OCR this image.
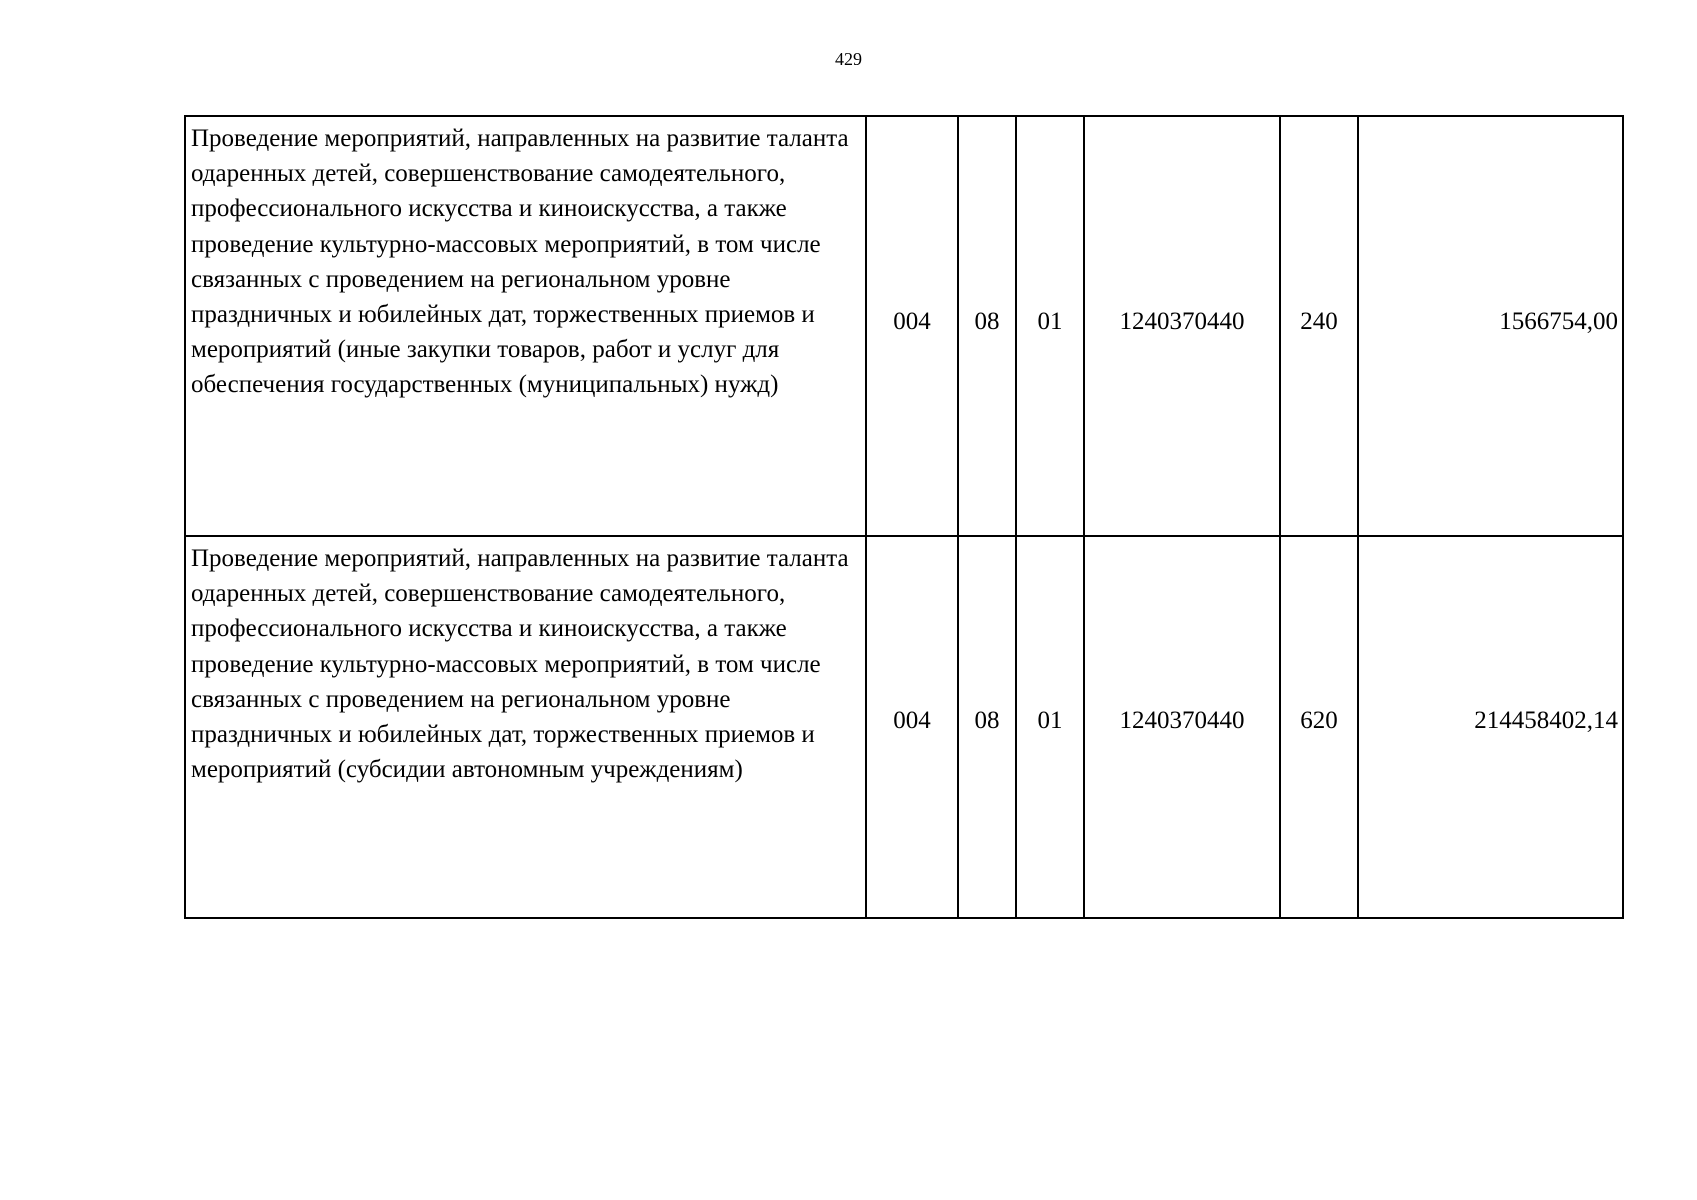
429
Проведение мероприятий, направленных на развитие таланта одаренных детей, совершенствование самодеятельного, профессионального искусства и киноискусства, а также проведение культурно-массовых мероприятий, в том числе связанных с проведением на региональном уровне праздничных и юбилейных дат, торжественных приемов и мероприятий (иные закупки товаров, работ и услуг для обеспечения государственных (муниципальных) нужд)	004	08	01	1240370440	240	1566754,00
Проведение мероприятий, направленных на развитие таланта одаренных детей, совершенствование самодеятельного, профессионального искусства и киноискусства, а также проведение культурно-массовых мероприятий, в том числе связанных с проведением на региональном уровне праздничных и юбилейных дат, торжественных приемов и мероприятий (субсидии автономным учреждениям)	004	08	01	1240370440	620	214458402,14
